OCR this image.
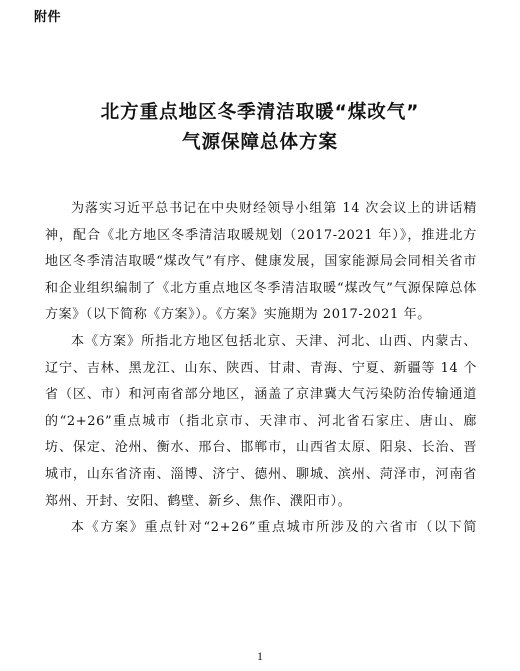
附件
北方重点地区冬季清洁取暖“煤改气”
气源保障总体方案

为落实习近平总书记在中央财经领导小组第 14 次会议上的讲话精神，配合《北方地区冬季清洁取暖规划（2017-2021 年）》，推进北方地区冬季清洁取暖“煤改气”有序、健康发展，国家能源局会同相关省市和企业组织编制了《北方重点地区冬季清洁取暖“煤改气”气源保障总体方案》（以下简称《方案》）。《方案》实施期为 2017-2021 年。

本《方案》所指北方地区包括北京、天津、河北、山西、内蒙古、辽宁、吉林、黑龙江、山东、陕西、甘肃、青海、宁夏、新疆等 14 个省（区、市）和河南省部分地区，涵盖了京津冀大气污染防治传输通道的“2+26”重点城市（指北京市、天津市、河北省石家庄、唐山、廊坊、保定、沧州、衡水、邢台、邯郸市，山西省太原、阳泉、长治、晋城市，山东省济南、淄博、济宁、德州、聊城、滨州、菏泽市，河南省郑州、开封、安阳、鹤壁、新乡、焦作、濮阳市）。

本《方案》重点针对“2+26”重点城市所涉及的六省市（以下简

1
